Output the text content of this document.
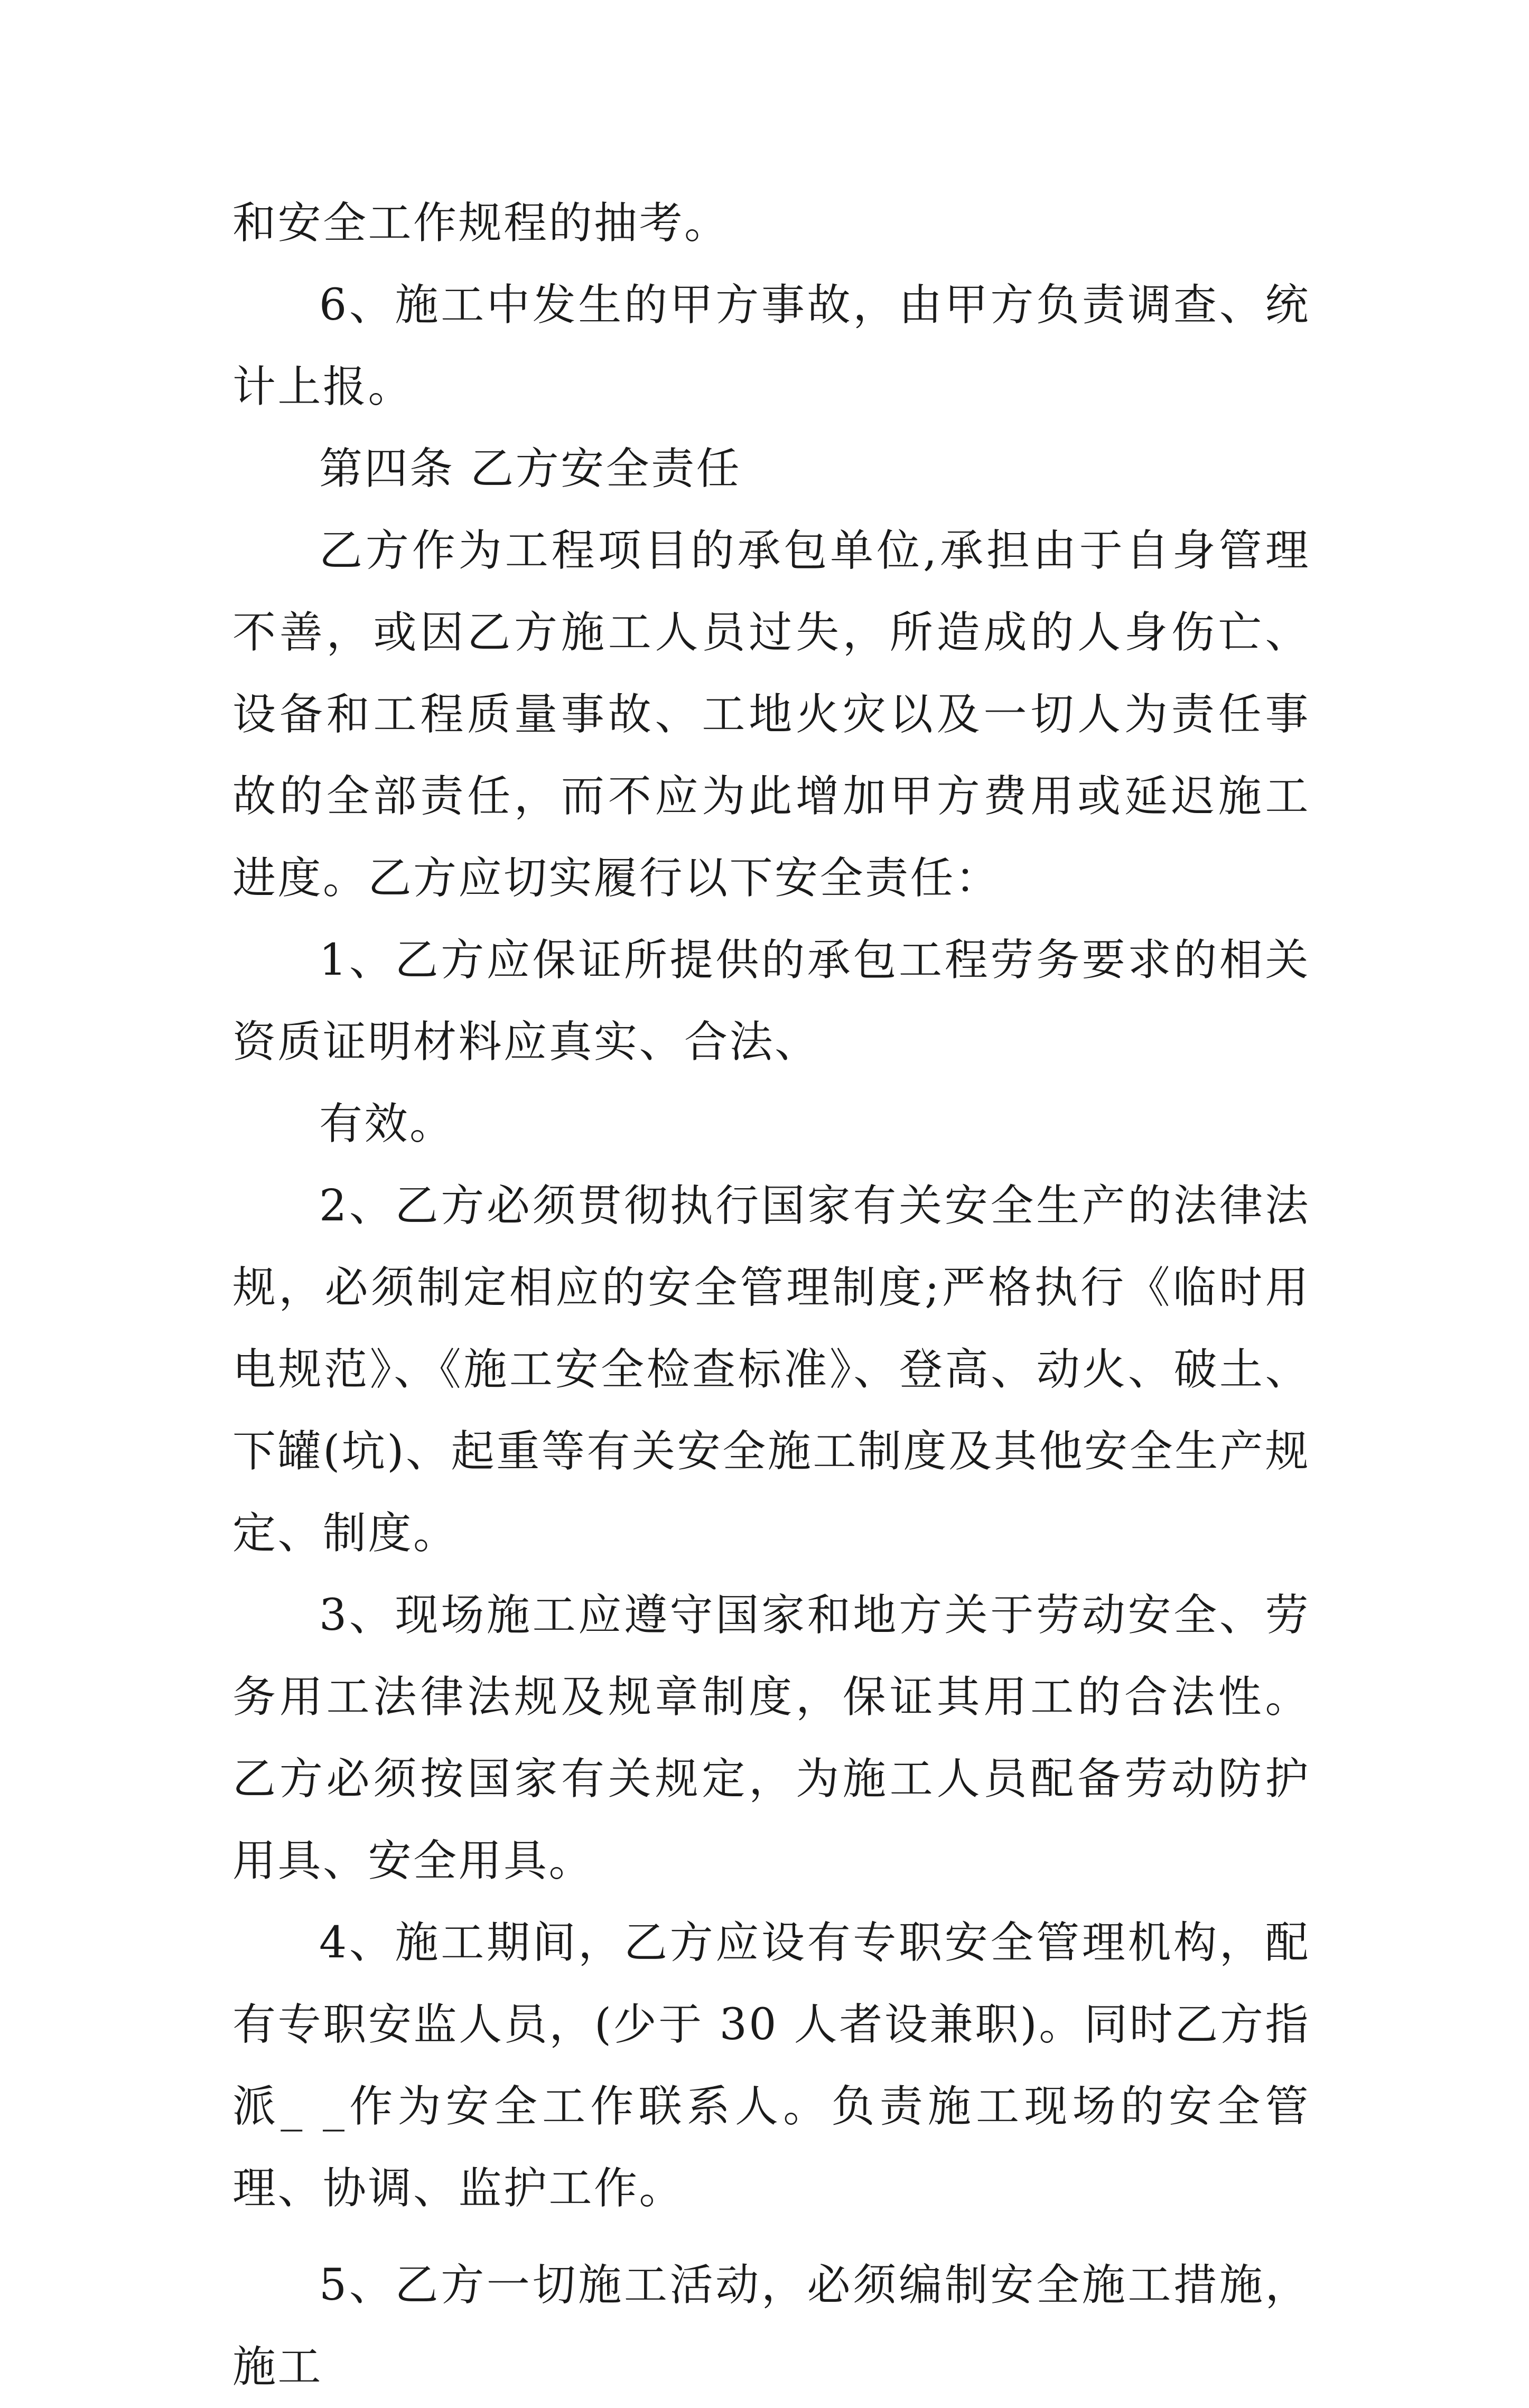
和安全工作规程的抽考。

6、施工中发生的甲方事故，由甲方负责调查、统计上报。

第四条 乙方安全责任

乙方作为工程项目的承包单位,承担由于自身管理不善，或因乙方施工人员过失，所造成的人身伤亡、设备和工程质量事故、工地火灾以及一切人为责任事故的全部责任，而不应为此增加甲方费用或延迟施工进度。乙方应切实履行以下安全责任：

1、乙方应保证所提供的承包工程劳务要求的相关资质证明材料应真实、合法、

有效。

2、乙方必须贯彻执行国家有关安全生产的法律法规，必须制定相应的安全管理制度;严格执行《临时用电规范》、《施工安全检查标准》、登高、动火、破土、下罐(坑)、起重等有关安全施工制度及其他安全生产规定、制度。

3、现场施工应遵守国家和地方关于劳动安全、劳务用工法律法规及规章制度，保证其用工的合法性。乙方必须按国家有关规定，为施工人员配备劳动防护用具、安全用具。

4、施工期间，乙方应设有专职安全管理机构，配有专职安监人员，(少于 30 人者设兼职)。同时乙方指派_ _作为安全工作联系人。负责施工现场的安全管理、协调、监护工作。

5、乙方一切施工活动，必须编制安全施工措施，施工
